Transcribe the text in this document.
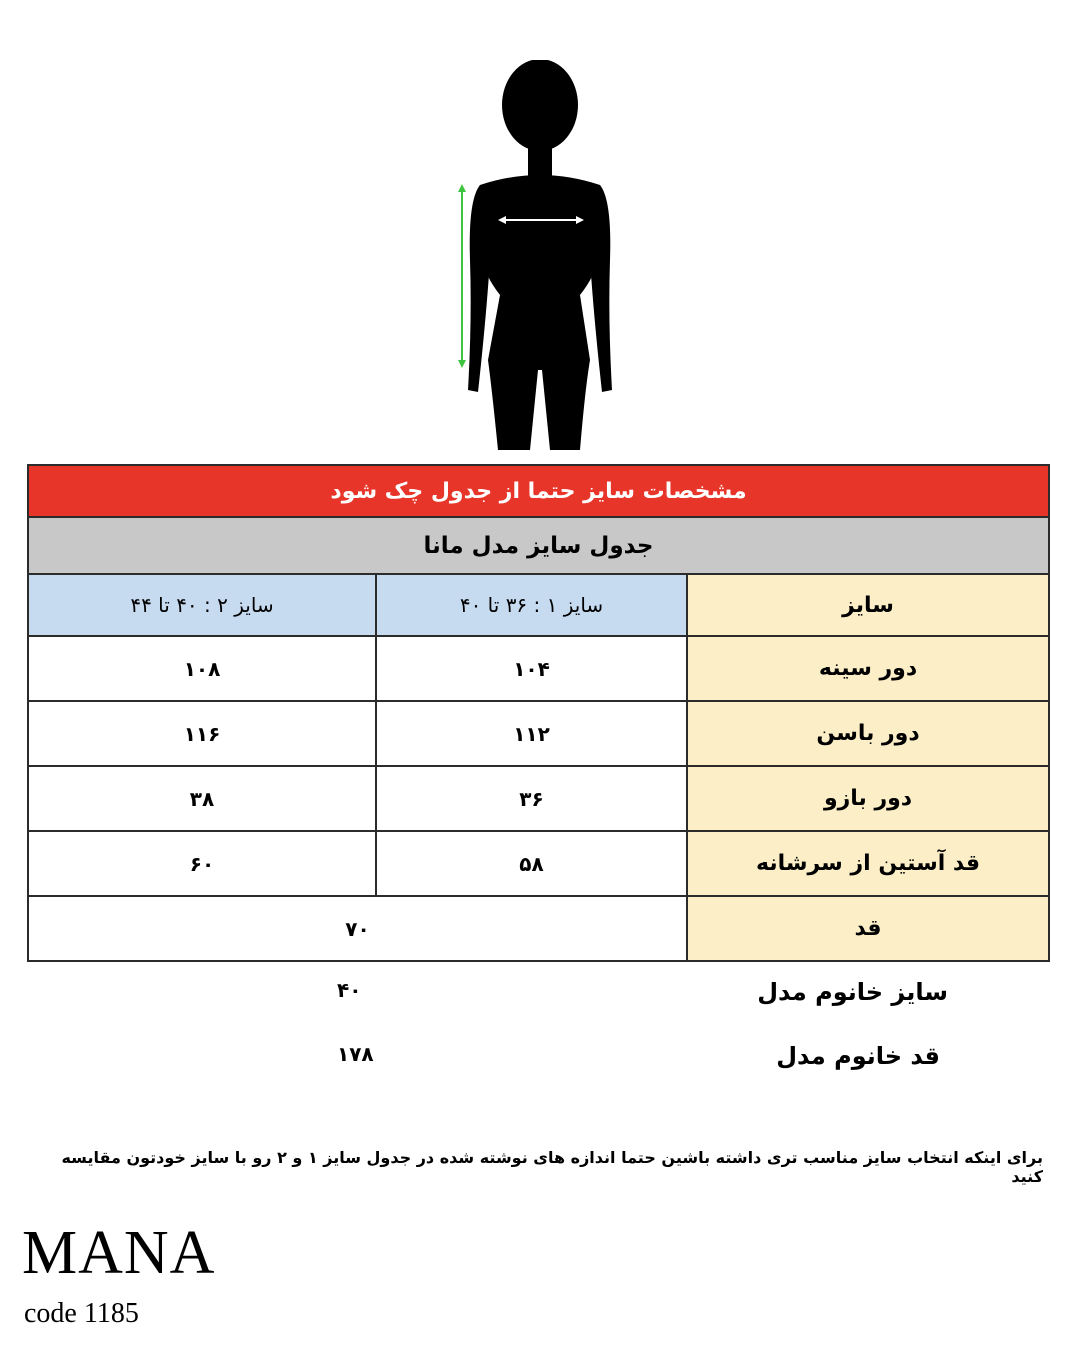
مشخصات سایز حتما از جدول چک شود		
جدول سایز مدل مانا		
سایز	سایز ۱ : ۳۶ تا ۴۰	سایز ۲ : ۴۰ تا ۴۴
دور سینه	۱۰۴	۱۰۸
دور باسن	۱۱۲	۱۱۶
دور بازو	۳۶	۳۸
قد آستین از سرشانه	۵۸	۶۰
قد	۷۰	
سایز خانوم مدل
۴۰
قد خانوم مدل
۱۷۸
برای اینکه انتخاب سایز مناسب تری داشته باشین حتما اندازه های نوشته شده در جدول سایز ۱ و ۲ رو با سایز خودتون مقایسه کنید
MANA
code 1185
